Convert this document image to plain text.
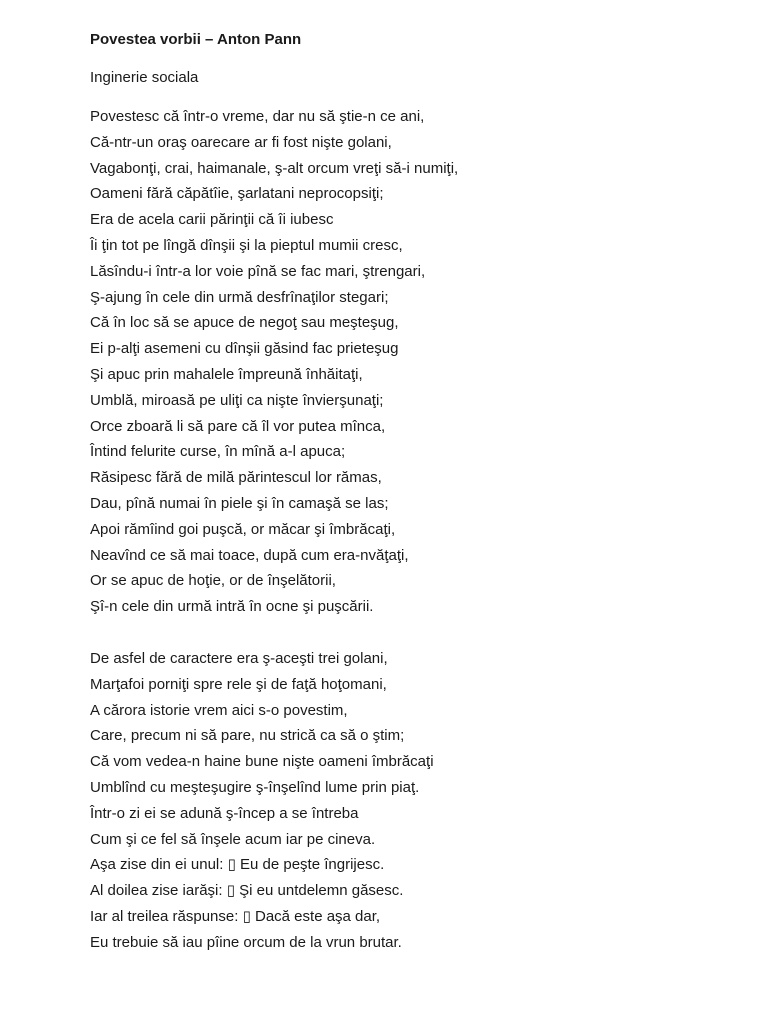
Povestea vorbii – Anton Pann

Inginerie sociala

Povestesc că într-o vreme, dar nu să ştie-n ce ani,
Că-ntr-un oraş oarecare ar fi fost nişte golani,
Vagabonţi, crai, haimanale, ş-alt orcum vreţi să-i numiţi,
Oameni fără căpătîie, şarlatani neprocopsiţi;
Era de acela carii părinţii că îi iubesc
Îi ţin tot pe lîngă dînşii şi la pieptul mumii cresc,
Lăsîndu-i într-a lor voie pînă se fac mari, ştrengari,
Ş-ajung în cele din urmă desfrînaţilor stegari;
Că în loc să se apuce de negoţ sau meşteşug,
Ei p-alţi asemeni cu dînşii găsind fac prieteşug
Şi apuc prin mahalele împreună înhăitaţi,
Umblă, miroasă pe uliţi ca nişte învierşunaţi;
Orce zboară li să pare că îl vor putea mînca,
Întind felurite curse, în mînă a-l apuca;
Răsipesc fără de milă părintescul lor rămas,
Dau, pînă numai în piele şi în camaşă se las;
Apoi rămîind goi puşcă, or măcar şi îmbrăcaţi,
Neavînd ce să mai toace, după cum era-nvăţaţi,
Or se apuc de hoţie, or de înşelătorii,
Şî-n cele din urmă intră în ocne şi puşcării.
De asfel de caractere era ş-aceşti trei golani,
Marţafoi porniţi spre rele şi de faţă hoţomani,
A cărora istorie vrem aici s-o povestim,
Care, precum ni să pare, nu strică ca să o ştim;
Că vom vedea-n haine bune nişte oameni îmbrăcaţi
Umblînd cu meşteşugire ş-înşelînd lume prin piaţ.
Într-o zi ei se adună ş-încep a se întreba
Cum şi ce fel să înşele acum iar pe cineva.
Aşa zise din ei unul: ▯ Eu de peşte îngrijesc.
Al doilea zise iarăşi: ▯ Şi eu untdelemn găsesc.
Iar al treilea răspunse: ▯ Dacă este aşa dar,
Eu trebuie să iau pîine orcum de la vrun brutar.
